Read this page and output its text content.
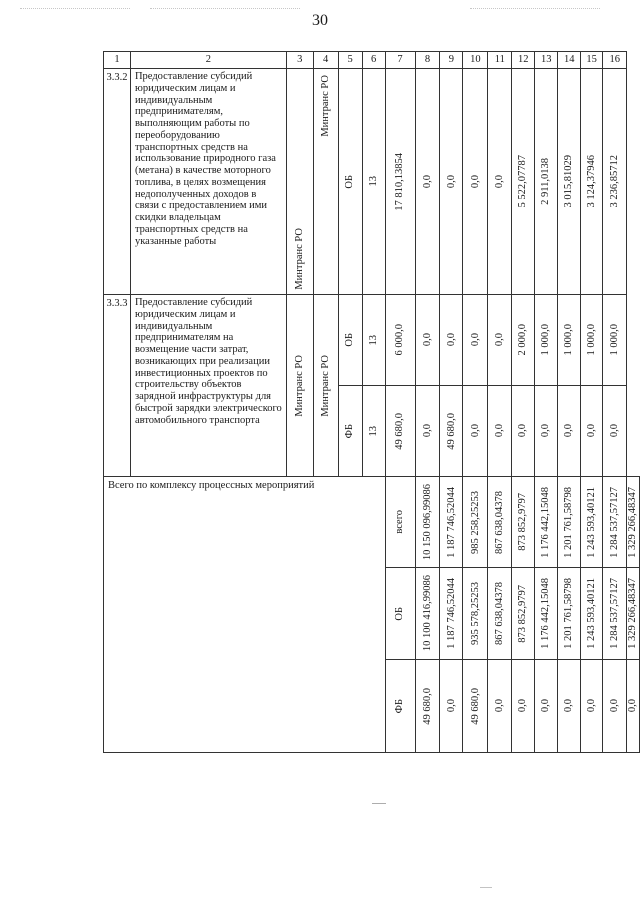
30
1	2	3	4	5	6	7	8	9	10	11	12	13	14	15	16	
3.3.2	Предоставление субсидий юридическим лицам и индивидуальным предпринимателям, выполняющим работы по переоборудованию транспортных средств на использование природного газа (метана) в качестве моторного топлива, в целях возмещения недополученных доходов в связи с предоставлением ими скидки владельцам транспортных средств на указанные работы	Минтранс РО	Минтранс РО	ОБ	13	17 810,13854	0,0	0,0	0,0	0,0	5 522,07787	2 911,0138	3 015,81029	3 124,37946	3 236,85712	

3.3.3	Предоставление субсидий юридическим лицам и индивидуальным предпринимателям на возмещение части затрат, возникающих при реализации инвестиционных проектов по строительству объектов зарядной инфраструктуры для быстрой зарядки электрического автомобильного транспорта	Минтранс РО	Минтранс РО	ОБ	13	6 000,0	0,0	0,0	0,0	0,0	2 000,0	1 000,0	1 000,0	1 000,0	1 000,0	

				ФБ	13	49 680,0	0,0	49 680,0	0,0	0,0	0,0	0,0	0,0	0,0	0,0	

Всего по комплексу процессных мероприятий						всего	10 150 096,99086	1 187 746,52044	985 258,25253	867 638,04378	873 852,9797	1 176 442,15048	1 201 761,58798	1 243 593,40121	1 284 537,57127	1 329 266,48347

						ОБ	10 100 416,99086	1 187 746,52044	935 578,25253	867 638,04378	873 852,9797	1 176 442,15048	1 201 761,58798	1 243 593,40121	1 284 537,57127	1 329 266,48347

						ФБ	49 680,0	0,0	49 680,0	0,0	0,0	0,0	0,0	0,0	0,0	0,0
